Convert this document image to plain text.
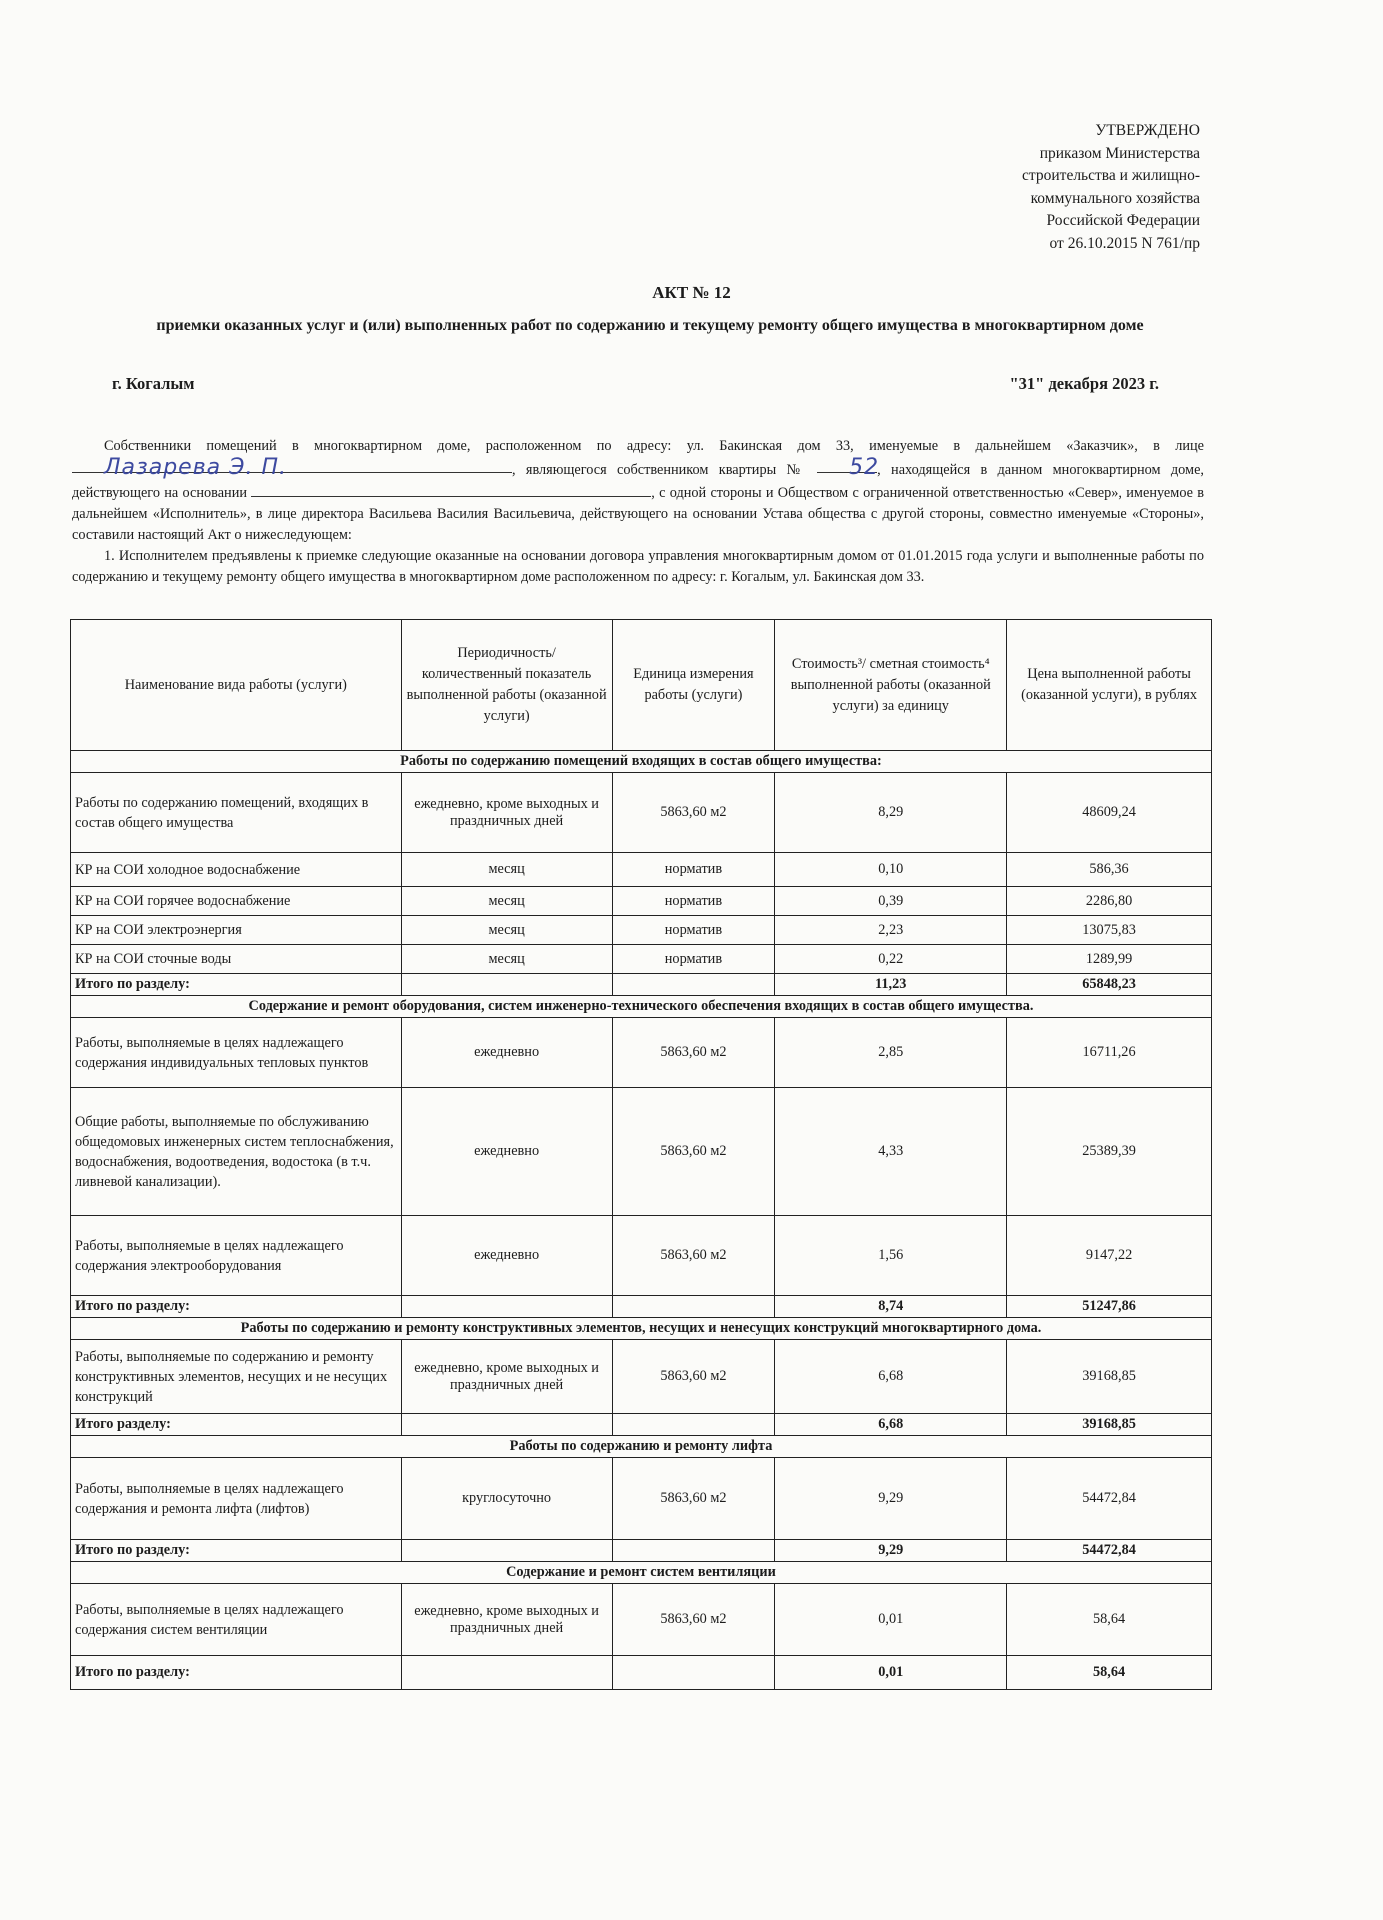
УТВЕРЖДЕНО
приказом Министерства
строительства и жилищно-
коммунального хозяйства
Российской Федерации
от 26.10.2015 N 761/пр
АКТ № 12
приемки оказанных услуг и (или) выполненных работ по содержанию и текущему ремонту общего имущества в многоквартирном доме
г. Когалым	"31" декабря 2023 г.

Собственники помещений в многоквартирном доме, расположенном по адресу: ул. Бакинская дом 33, именуемые в дальнейшем «Заказчик», в лице Лазарева Э. П.	, являющегося собственником квартиры № 52, находящейся в данном многоквартирном доме, действующего на основании	, с одной стороны и Обществом с ограниченной ответственностью «Север», именуемое в дальнейшем «Исполнитель», в лице директора Васильева Василия Васильевича, действующего на основании Устава общества с другой стороны, совместно именуемые «Стороны», составили настоящий Акт о нижеследующем:

1. Исполнителем предъявлены к приемке следующие оказанные на основании договора управления многоквартирным домом от 01.01.2015 года услуги и выполненные работы по содержанию и текущему ремонту общего имущества в многоквартирном доме расположенном по адресу: г. Когалым, ул. Бакинская дом 33.

Наименование вида работы (услуги)	Периодичность/ количественный показатель выполненной работы (оказанной услуги)	Единица измерения работы (услуги)	Стоимость³/ сметная стоимость⁴ выполненной работы (оказанной услуги) за единицу	Цена выполненной работы (оказанной услуги), в рублях
Работы по содержанию помещений входящих в состав общего имущества:				
Работы по содержанию помещений, входящих в состав общего имущества	ежедневно, кроме выходных и праздничных дней	5863,60 м2	8,29	48609,24
КР на СОИ холодное водоснабжение	месяц	норматив	0,10	586,36
КР на СОИ горячее водоснабжение	месяц	норматив	0,39	2286,80
КР на СОИ электроэнергия	месяц	норматив	2,23	13075,83
КР на СОИ сточные воды	месяц	норматив	0,22	1289,99
Итого по разделу:			11,23	65848,23
Содержание и ремонт оборудования, систем инженерно-технического обеспечения входящих в состав общего имущества.				
Работы, выполняемые в целях надлежащего содержания индивидуальных тепловых пунктов	ежедневно	5863,60 м2	2,85	16711,26
Общие работы, выполняемые по обслуживанию общедомовых инженерных систем теплоснабжения, водоснабжения, водоотведения, водостока (в т.ч. ливневой канализации).	ежедневно	5863,60 м2	4,33	25389,39
Работы, выполняемые в целях надлежащего содержания электрооборудования	ежедневно	5863,60 м2	1,56	9147,22
Итого по разделу:			8,74	51247,86
Работы по содержанию и ремонту конструктивных элементов, несущих и ненесущих конструкций многоквартирного дома.				
Работы, выполняемые по содержанию и ремонту конструктивных элементов, несущих и не несущих конструкций	ежедневно, кроме выходных и праздничных дней	5863,60 м2	6,68	39168,85
Итого разделу:			6,68	39168,85
Работы по содержанию и ремонту лифта				
Работы, выполняемые в целях надлежащего содержания и ремонта лифта (лифтов)	круглосуточно	5863,60 м2	9,29	54472,84
Итого по разделу:			9,29	54472,84
Содержание и ремонт систем вентиляции				
Работы, выполняемые в целях надлежащего содержания систем вентиляции	ежедневно, кроме выходных и праздничных дней	5863,60 м2	0,01	58,64
Итого по разделу:			0,01	58,64
